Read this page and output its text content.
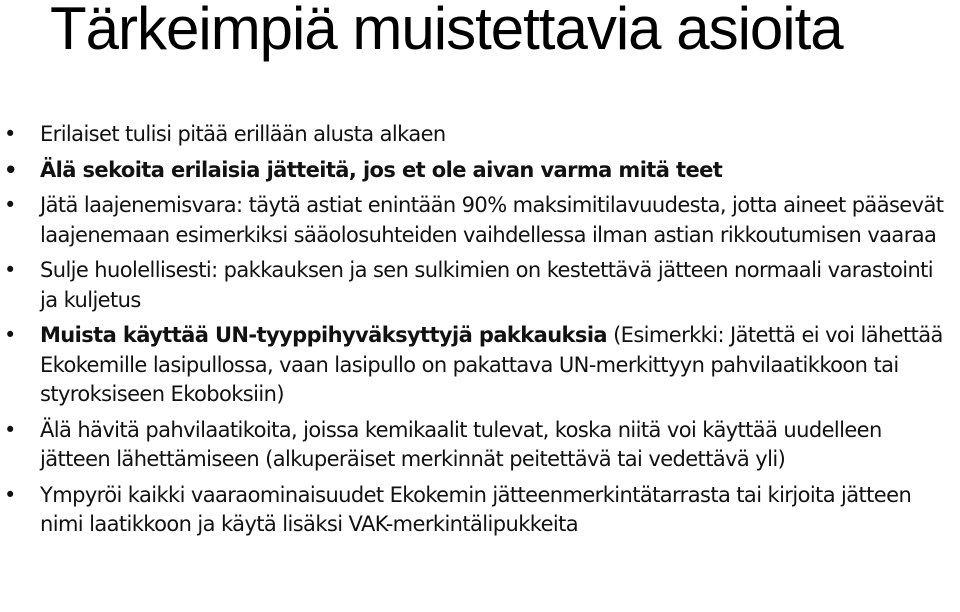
Tärkeimpiä muistettavia asioita
• Erilaiset tulisi pitää erillään alusta alkaen
• Älä sekoita erilaisia jätteitä, jos et ole aivan varma mitä teet
• Jätä laajenemisvara: täytä astiat enintään 90% maksimitilavuudesta, jotta aineet pääsevät laajenemaan esimerkiksi sääolosuhteiden vaihdellessa ilman astian rikkoutumisen vaaraa
• Sulje huolellisesti: pakkauksen ja sen sulkimien on kestettävä jätteen normaali varastointi ja kuljetus
• Muista käyttää UN-tyyppihyväksyttyjä pakkauksia (Esimerkki: Jätettä ei voi lähettää Ekokemille lasipullossa, vaan lasipullo on pakattava UN-merkittyyn pahvilaatikkoon tai styroksiseen Ekoboksiin)
• Älä hävitä pahvilaatikoita, joissa kemikaalit tulevat, koska niitä voi käyttää uudelleen jätteen lähettämiseen (alkuperäiset merkinnät peitettävä tai vedettävä yli)
• Ympyröi kaikki vaaraominaisuudet Ekokemin jätteenmerkintätarrasta tai kirjoita jätteen nimi laatikkoon ja käytä lisäksi VAK-merkintälipukkeita
